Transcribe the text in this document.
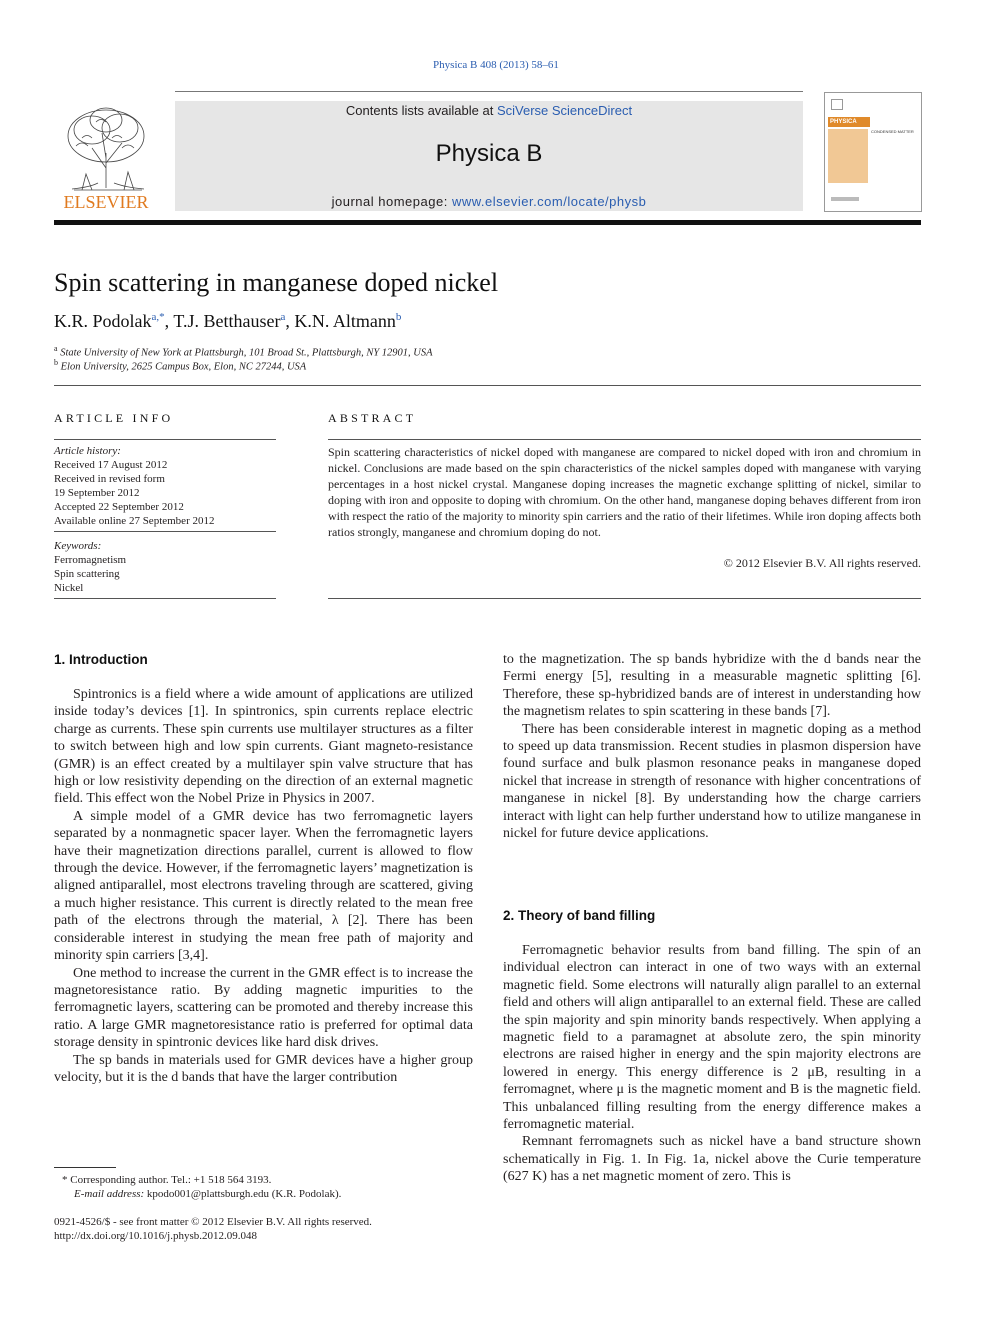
Physica B 408 (2013) 58–61
ELSEVIER
Contents lists available at SciVerse ScienceDirect
Physica B
journal homepage: www.elsevier.com/locate/physb
PHYSICA
CONDENSED MATTER
Spin scattering in manganese doped nickel
K.R. Podolak$^{a,*}$, T.J. Betthauser$^a$, K.N. Altmann$^b$
$^a$ State University of New York at Plattsburgh, 101 Broad St., Plattsburgh, NY 12901, USA
$^b$ Elon University, 2625 Campus Box, Elon, NC 27244, USA
ARTICLE INFO
Article history:
Received 17 August 2012
Received in revised form
19 September 2012
Accepted 22 September 2012
Available online 27 September 2012
Keywords:
Ferromagnetism
Spin scattering
Nickel
ABSTRACT
Spin scattering characteristics of nickel doped with manganese are compared to nickel doped with iron and chromium in nickel. Conclusions are made based on the spin characteristics of the nickel samples doped with manganese with varying percentages in a host nickel crystal. Manganese doping increases the magnetic exchange splitting of nickel, similar to doping with iron and opposite to doping with chromium. On the other hand, manganese doping behaves different from iron with respect the ratio of the majority to minority spin carriers and the ratio of their lifetimes. While iron doping affects both ratios strongly, manganese and chromium doping do not.
© 2012 Elsevier B.V. All rights reserved.
1. Introduction

Spintronics is a field where a wide amount of applications are utilized inside today’s devices [1]. In spintronics, spin currents replace electric charge as currents. These spin currents use multilayer structures as a filter to switch between high and low spin currents. Giant magneto-resistance (GMR) is an effect created by a multilayer spin valve structure that has high or low resistivity depending on the direction of an external magnetic field. This effect won the Nobel Prize in Physics in 2007.

A simple model of a GMR device has two ferromagnetic layers separated by a nonmagnetic spacer layer. When the ferromagnetic layers have their magnetization directions parallel, current is allowed to flow through the device. However, if the ferromagnetic layers’ magnetization is aligned antiparallel, most electrons traveling through are scattered, giving a much higher resistance. This current is directly related to the mean free path of the electrons through the material, λ [2]. There has been considerable interest in studying the mean free path of majority and minority spin carriers [3,4].

One method to increase the current in the GMR effect is to increase the magnetoresistance ratio. By adding magnetic impurities to the ferromagnetic layers, scattering can be promoted and thereby increase this ratio. A large GMR magnetoresistance ratio is preferred for optimal data storage density in spintronic devices like hard disk drives.

The sp bands in materials used for GMR devices have a higher group velocity, but it is the d bands that have the larger contribution

to the magnetization. The sp bands hybridize with the d bands near the Fermi energy [5], resulting in a measurable magnetic splitting [6]. Therefore, these sp-hybridized bands are of interest in understanding how the magnetism relates to spin scattering in these bands [7].

There has been considerable interest in magnetic doping as a method to speed up data transmission. Recent studies in plasmon dispersion have found surface and bulk plasmon resonance peaks in manganese doped nickel that increase in strength of resonance with higher concentrations of manganese in nickel [8]. By understanding how the charge carriers interact with light can help further understand how to utilize manganese in nickel for future device applications.

2. Theory of band filling

Ferromagnetic behavior results from band filling. The spin of an individual electron can interact in one of two ways with an external magnetic field. Some electrons will naturally align parallel to an external field and others will align antiparallel to an external field. These are called the spin majority and spin minority bands respectively. When applying a magnetic field to a paramagnet at absolute zero, the spin minority electrons are raised higher in energy and the spin majority electrons are lowered in energy. This energy difference is 2 μB, resulting in a ferromagnet, where μ is the magnetic moment and B is the magnetic field. This unbalanced filling resulting from the energy difference makes a ferromagnetic material.

Remnant ferromagnets such as nickel have a band structure shown schematically in Fig. 1. In Fig. 1a, nickel above the Curie temperature (627 K) has a net magnetic moment of zero. This is

* Corresponding author. Tel.: +1 518 564 3193.
E-mail address: kpodo001@plattsburgh.edu (K.R. Podolak).
0921-4526/$ - see front matter © 2012 Elsevier B.V. All rights reserved.
http://dx.doi.org/10.1016/j.physb.2012.09.048
